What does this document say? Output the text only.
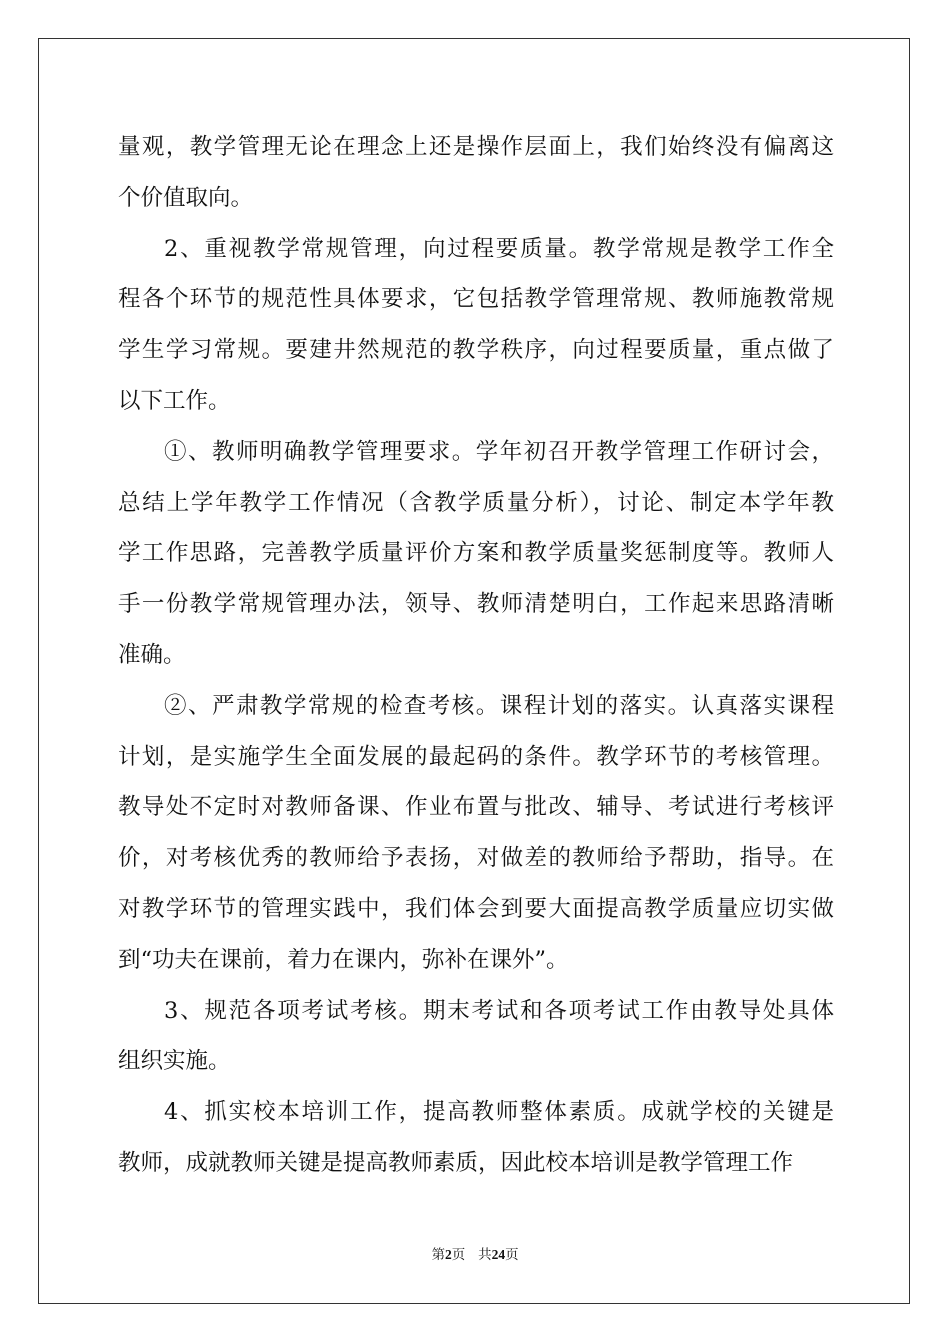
量观，教学管理无论在理念上还是操作层面上，我们始终没有偏离这
个价值取向。
2、重视教学常规管理，向过程要质量。教学常规是教学工作全
程各个环节的规范性具体要求，它包括教学管理常规、教师施教常规
学生学习常规。要建井然规范的教学秩序，向过程要质量，重点做了
以下工作。
①、教师明确教学管理要求。学年初召开教学管理工作研讨会，
总结上学年教学工作情况（含教学质量分析），讨论、制定本学年教
学工作思路，完善教学质量评价方案和教学质量奖惩制度等。教师人
手一份教学常规管理办法，领导、教师清楚明白，工作起来思路清晰
准确。
②、严肃教学常规的检查考核。课程计划的落实。认真落实课程
计划，是实施学生全面发展的最起码的条件。教学环节的考核管理。
教导处不定时对教师备课、作业布置与批改、辅导、考试进行考核评
价，对考核优秀的教师给予表扬，对做差的教师给予帮助，指导。在
对教学环节的管理实践中，我们体会到要大面提高教学质量应切实做
到“功夫在课前，着力在课内，弥补在课外”。
3、规范各项考试考核。期末考试和各项考试工作由教导处具体
组织实施。
4、抓实校本培训工作，提高教师整体素质。成就学校的关键是
教师，成就教师关键是提高教师素质，因此校本培训是教学管理工作
第2页 共24页
